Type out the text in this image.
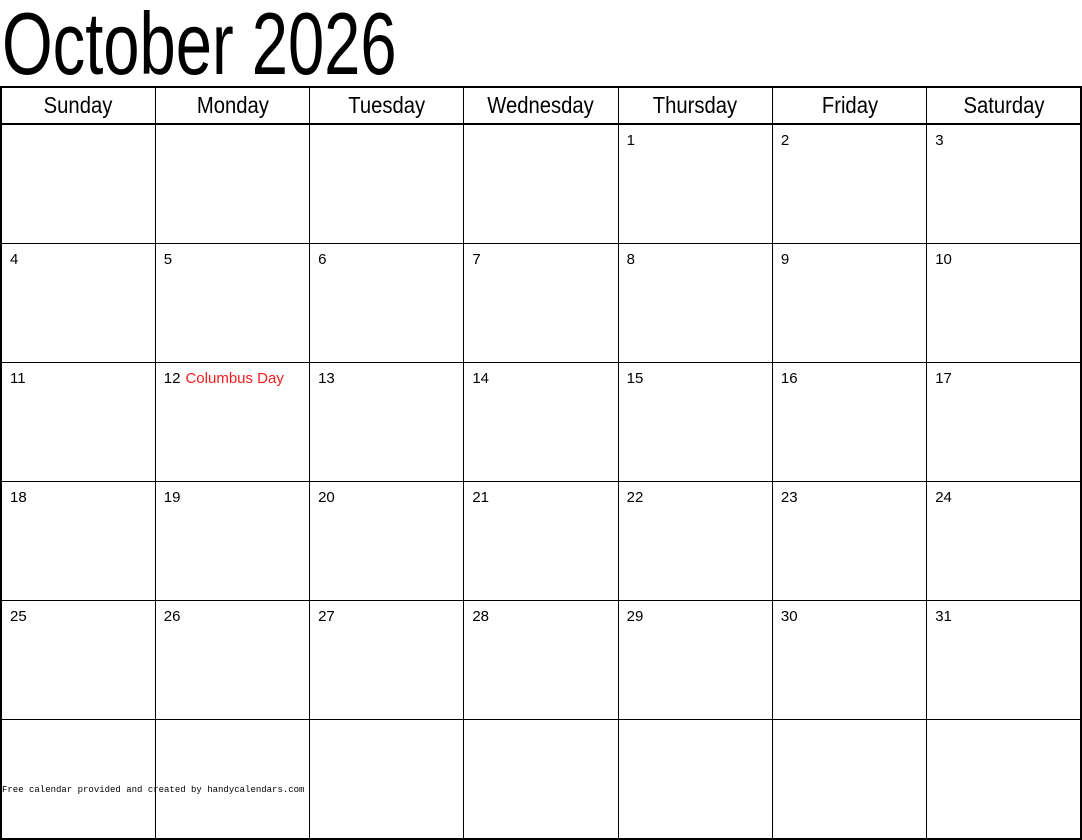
October 2026
Sunday	Monday	Tuesday	Wednesday	Thursday	Friday	Saturday
				1	2	3
4	5	6	7	8	9	10
11	12 Columbus Day	13	14	15	16	17
18	19	20	21	22	23	24
25	26	27	28	29	30	31

Free calendar provided and created by handycalendars.com
